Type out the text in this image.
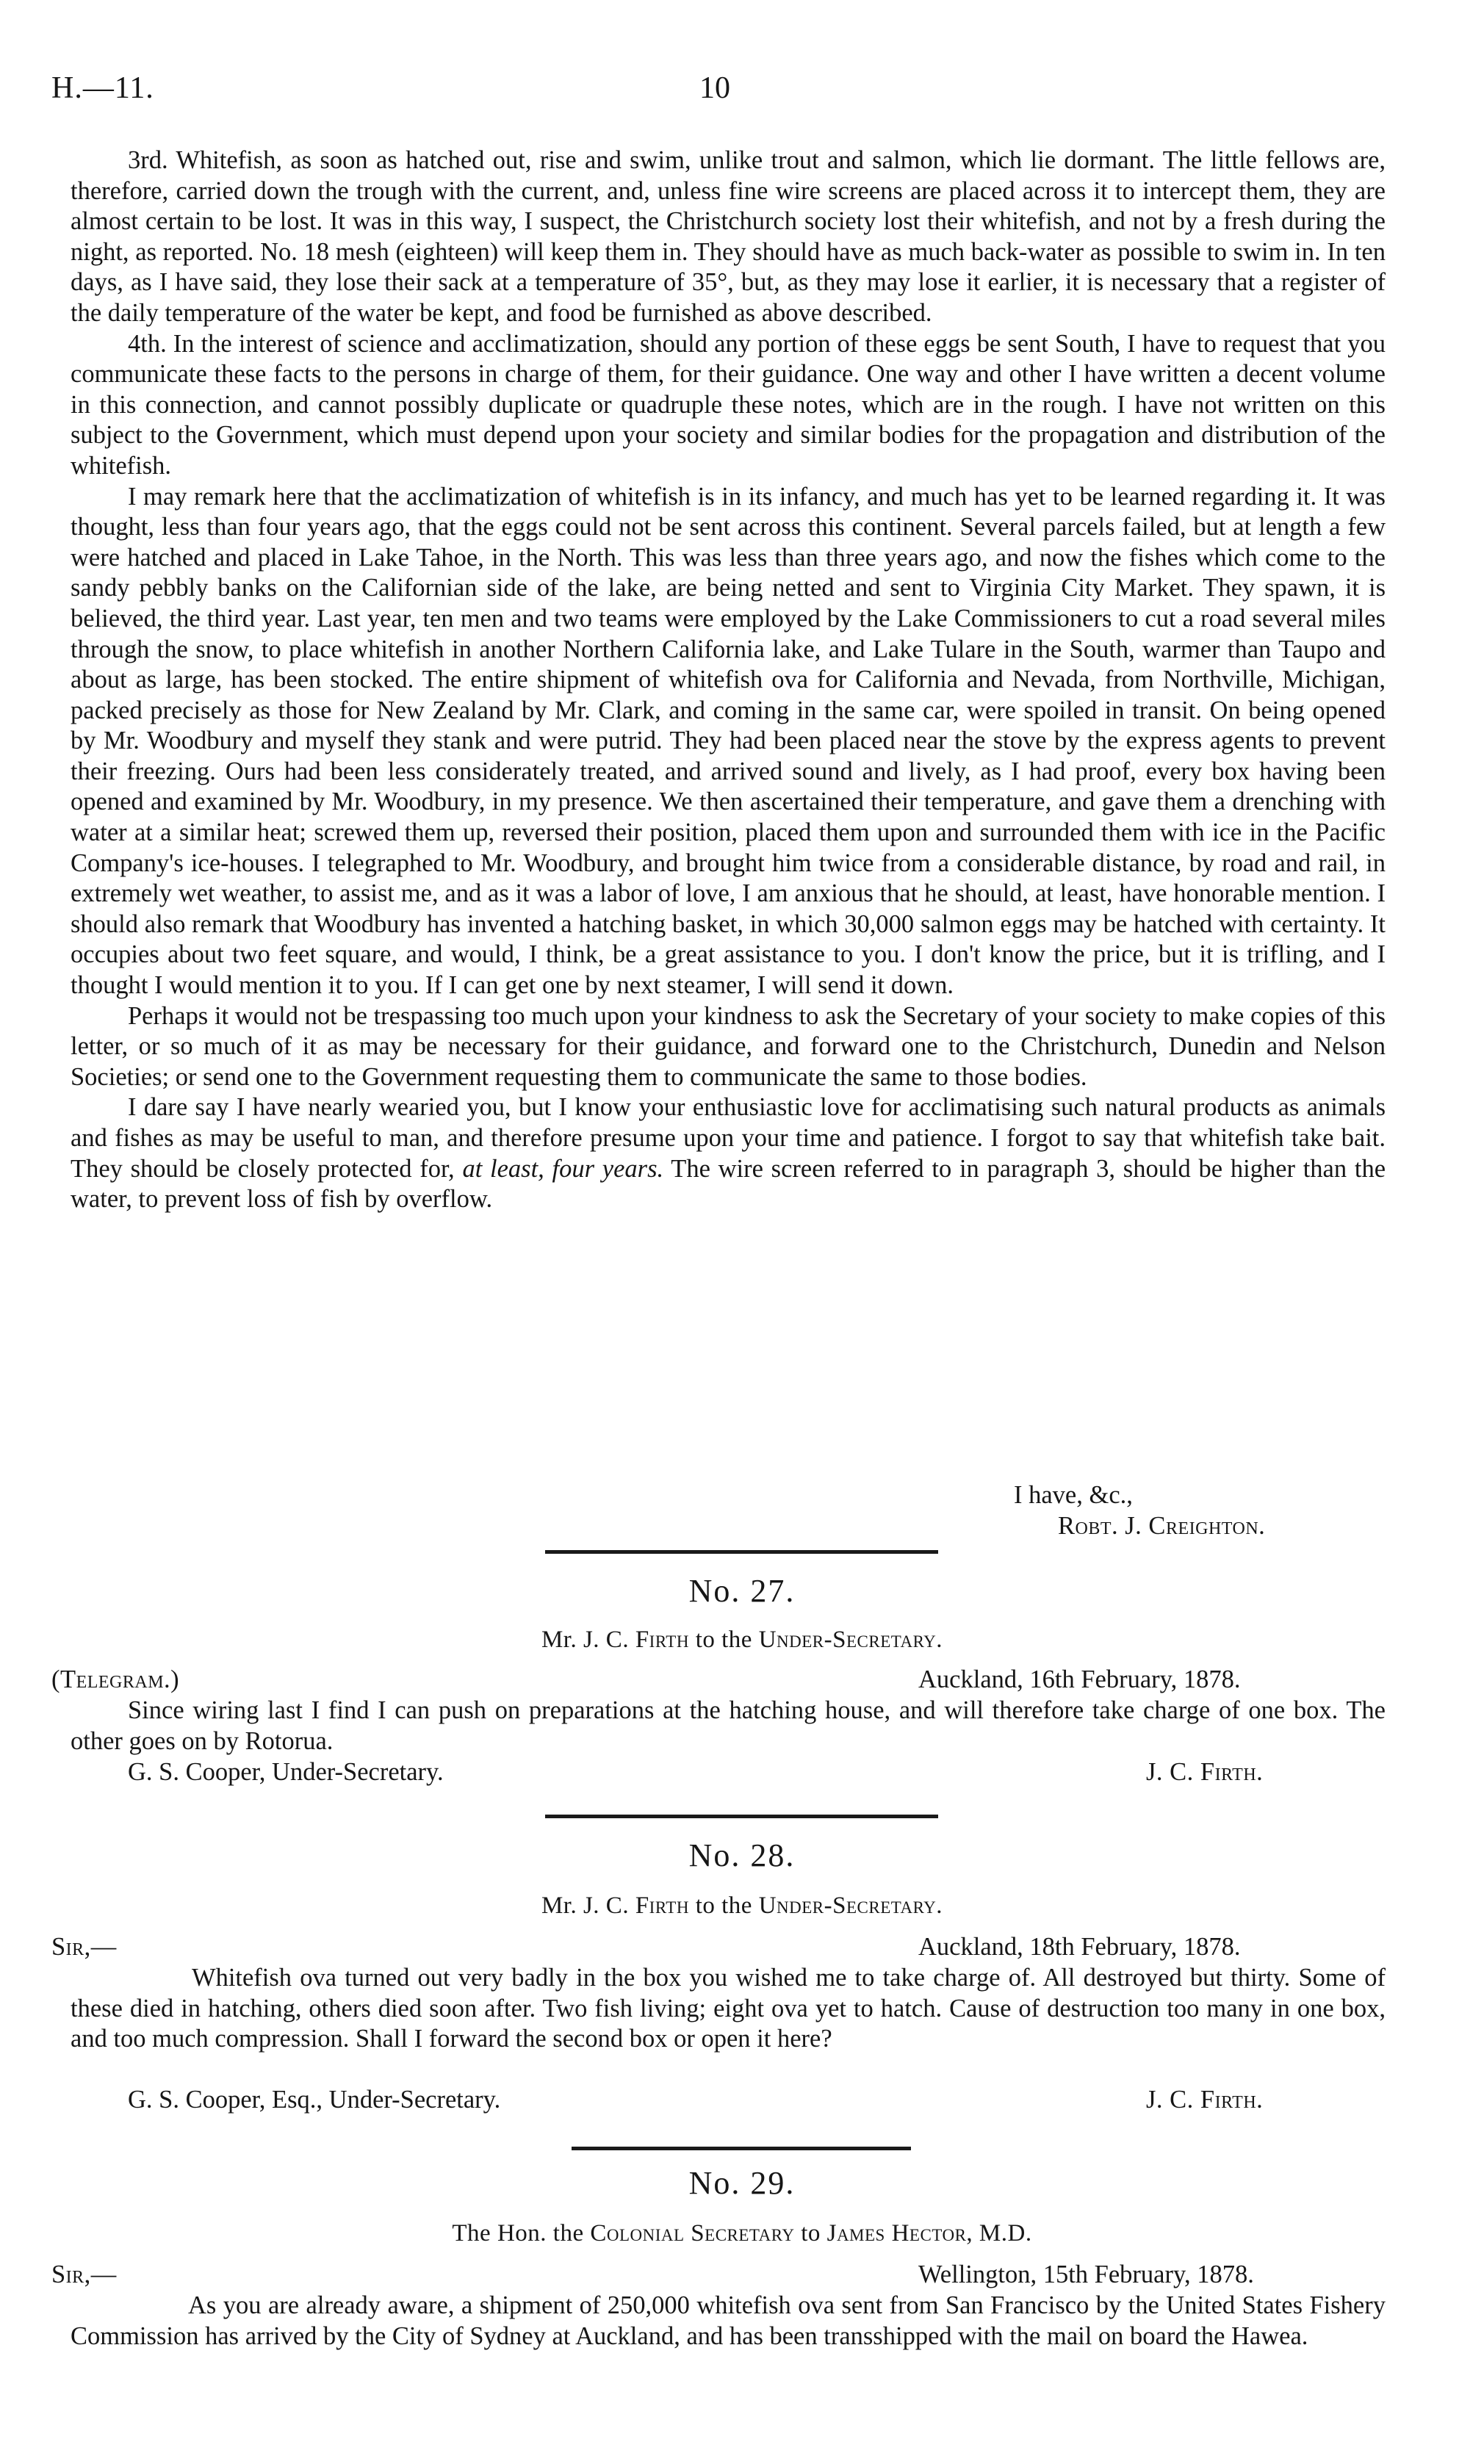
H.—11.	10

3rd. Whitefish, as soon as hatched out, rise and swim, unlike trout and salmon, which lie dormant. The little fellows are, therefore, carried down the trough with the current, and, unless fine wire screens are placed across it to intercept them, they are almost certain to be lost. It was in this way, I suspect, the Christchurch society lost their whitefish, and not by a fresh during the night, as reported. No. 18 mesh (eighteen) will keep them in. They should have as much back-water as possible to swim in. In ten days, as I have said, they lose their sack at a temperature of 35°, but, as they may lose it earlier, it is necessary that a register of the daily temperature of the water be kept, and food be furnished as above described.

4th. In the interest of science and acclimatization, should any portion of these eggs be sent South, I have to request that you communicate these facts to the persons in charge of them, for their guidance. One way and other I have written a decent volume in this connection, and cannot possibly duplicate or quadruple these notes, which are in the rough. I have not written on this subject to the Government, which must depend upon your society and similar bodies for the propagation and distribution of the whitefish.

I may remark here that the acclimatization of whitefish is in its infancy, and much has yet to be learned regarding it. It was thought, less than four years ago, that the eggs could not be sent across this continent. Several parcels failed, but at length a few were hatched and placed in Lake Tahoe, in the North. This was less than three years ago, and now the fishes which come to the sandy pebbly banks on the Californian side of the lake, are being netted and sent to Virginia City Market. They spawn, it is believed, the third year. Last year, ten men and two teams were employed by the Lake Commissioners to cut a road several miles through the snow, to place whitefish in another Northern California lake, and Lake Tulare in the South, warmer than Taupo and about as large, has been stocked. The entire shipment of whitefish ova for California and Nevada, from Northville, Michigan, packed precisely as those for New Zealand by Mr. Clark, and coming in the same car, were spoiled in transit. On being opened by Mr. Woodbury and myself they stank and were putrid. They had been placed near the stove by the express agents to prevent their freezing. Ours had been less considerately treated, and arrived sound and lively, as I had proof, every box having been opened and examined by Mr. Woodbury, in my presence. We then ascertained their temperature, and gave them a drenching with water at a similar heat; screwed them up, reversed their position, placed them upon and surrounded them with ice in the Pacific Company's ice-houses. I telegraphed to Mr. Woodbury, and brought him twice from a considerable distance, by road and rail, in extremely wet weather, to assist me, and as it was a labor of love, I am anxious that he should, at least, have honorable mention. I should also remark that Woodbury has invented a hatching basket, in which 30,000 salmon eggs may be hatched with certainty. It occupies about two feet square, and would, I think, be a great assistance to you. I don't know the price, but it is trifling, and I thought I would mention it to you. If I can get one by next steamer, I will send it down.

Perhaps it would not be trespassing too much upon your kindness to ask the Secretary of your society to make copies of this letter, or so much of it as may be necessary for their guidance, and forward one to the Christchurch, Dunedin and Nelson Societies; or send one to the Government requesting them to communicate the same to those bodies.

I dare say I have nearly wearied you, but I know your enthusiastic love for acclimatising such natural products as animals and fishes as may be useful to man, and therefore presume upon your time and patience. I forgot to say that whitefish take bait. They should be closely protected for, at least, four years. The wire screen referred to in paragraph 3, should be higher than the water, to prevent loss of fish by overflow.

I have, &c.,
Robt. J. Creighton.
No. 27.
Mr. J. C. Firth to the Under-Secretary.
(Telegram.)	Auckland, 16th February, 1878.

Since wiring last I find I can push on preparations at the hatching house, and will therefore take charge of one box. The other goes on by Rotorua.

G. S. Cooper, Under-Secretary.	J. C. Firth.
No. 28.
Mr. J. C. Firth to the Under-Secretary.
Sir,—	Auckland, 18th February, 1878.

Whitefish ova turned out very badly in the box you wished me to take charge of. All destroyed but thirty. Some of these died in hatching, others died soon after. Two fish living; eight ova yet to hatch. Cause of destruction too many in one box, and too much compression. Shall I forward the second box or open it here?

G. S. Cooper, Esq., Under-Secretary.	J. C. Firth.
No. 29.
The Hon. the Colonial Secretary to James Hector, M.D.
Sir,—	Wellington, 15th February, 1878.

As you are already aware, a shipment of 250,000 whitefish ova sent from San Francisco by the United States Fishery Commission has arrived by the City of Sydney at Auckland, and has been transshipped with the mail on board the Hawea.
